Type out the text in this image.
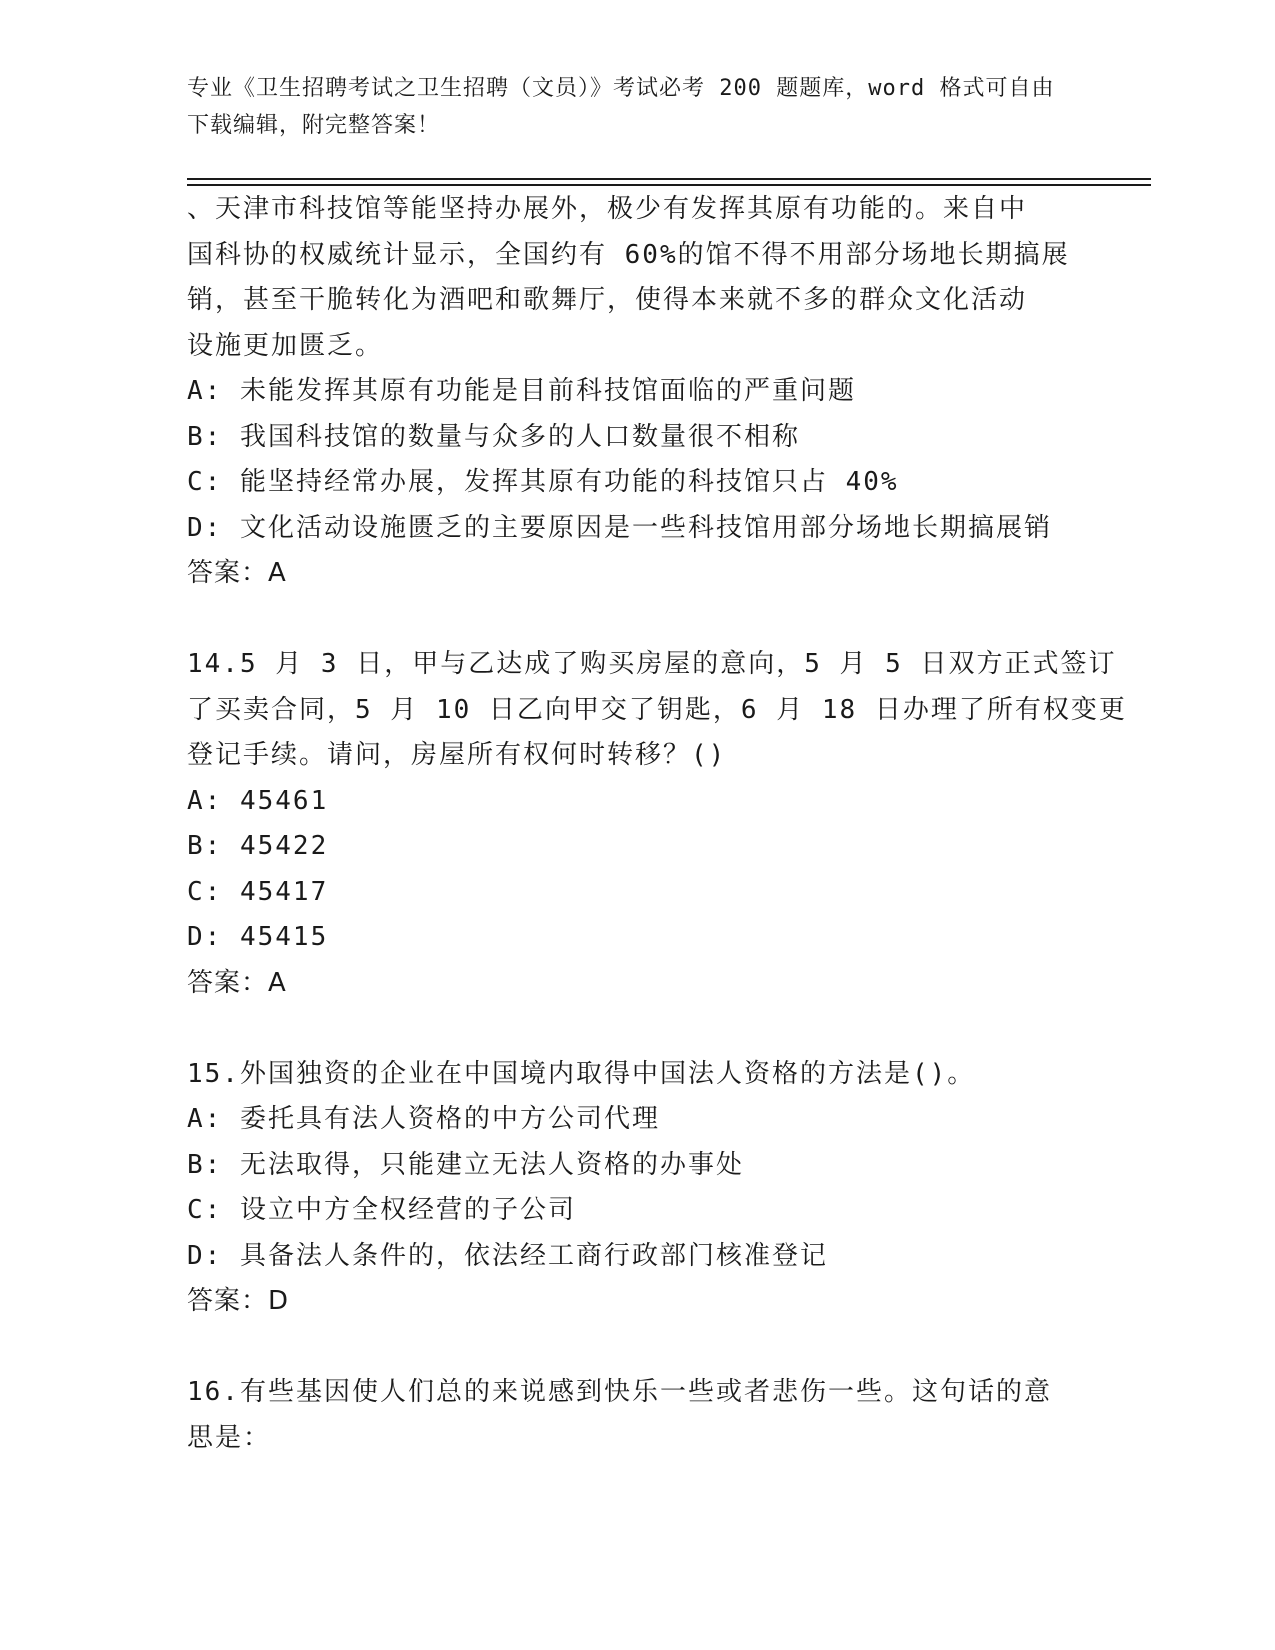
专业《卫生招聘考试之卫生招聘（文员）》考试必考 200 题题库，word 格式可自由下载编辑，附完整答案！
、天津市科技馆等能坚持办展外，极少有发挥其原有功能的。来自中
国科协的权威统计显示，全国约有 60%的馆不得不用部分场地长期搞展
销，甚至干脆转化为酒吧和歌舞厅，使得本来就不多的群众文化活动
设施更加匮乏。
A: 未能发挥其原有功能是目前科技馆面临的严重问题
B: 我国科技馆的数量与众多的人口数量很不相称
C: 能坚持经常办展，发挥其原有功能的科技馆只占 40%
D: 文化活动设施匮乏的主要原因是一些科技馆用部分场地长期搞展销
答案：A
14.5 月 3 日，甲与乙达成了购买房屋的意向，5 月 5 日双方正式签订
了买卖合同，5 月 10 日乙向甲交了钥匙，6 月 18 日办理了所有权变更
登记手续。请问，房屋所有权何时转移？()
A: 45461
B: 45422
C: 45417
D: 45415
答案：A
15.外国独资的企业在中国境内取得中国法人资格的方法是()。
A: 委托具有法人资格的中方公司代理
B: 无法取得，只能建立无法人资格的办事处
C: 设立中方全权经营的子公司
D: 具备法人条件的，依法经工商行政部门核准登记
答案：D
16.有些基因使人们总的来说感到快乐一些或者悲伤一些。这句话的意
思是：
